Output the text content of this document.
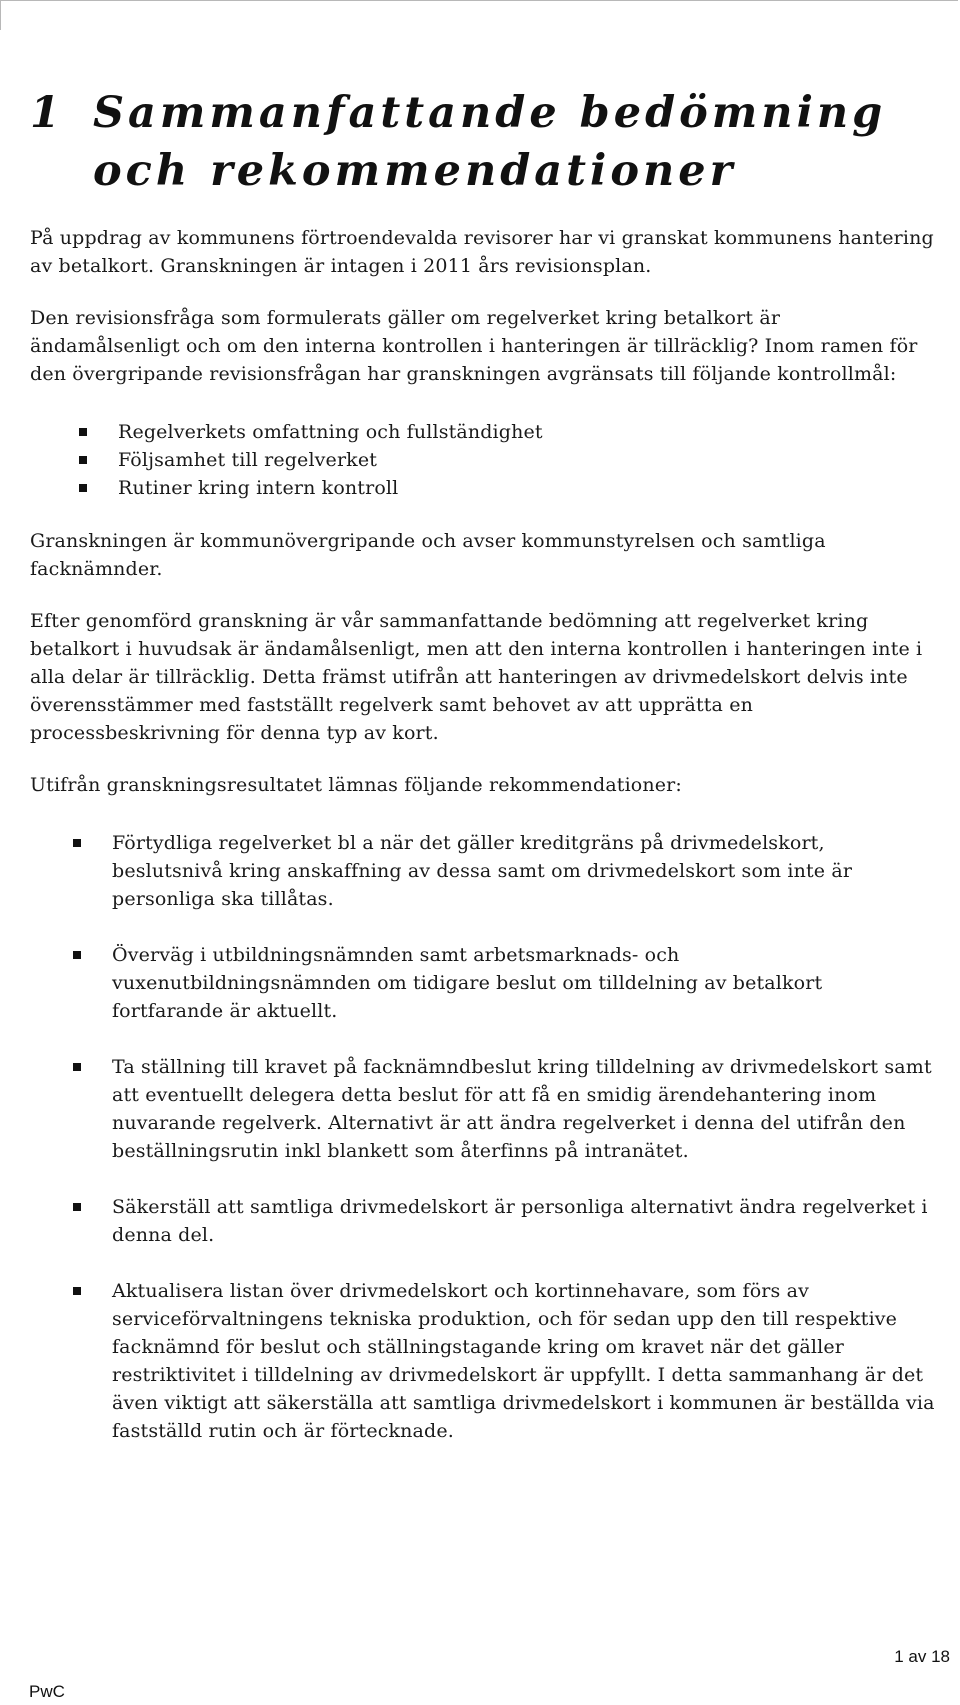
1 Sammanfattande bedömning och rekommendationer

På uppdrag av kommunens förtroendevalda revisorer har vi granskat kommunens hantering av betalkort. Granskningen är intagen i 2011 års revisionsplan.

Den revisionsfråga som formulerats gäller om regelverket kring betalkort är ändamålsenligt och om den interna kontrollen i hanteringen är tillräcklig? Inom ramen för den övergripande revisionsfrågan har granskningen avgränsats till följande kontrollmål:

Regelverkets omfattning och fullständighet
Följsamhet till regelverket
Rutiner kring intern kontroll

Granskningen är kommunövergripande och avser kommunstyrelsen och samtliga facknämnder.

Efter genomförd granskning är vår sammanfattande bedömning att regelverket kring betalkort i huvudsak är ändamålsenligt, men att den interna kontrollen i hanteringen inte i alla delar är tillräcklig. Detta främst utifrån att hanteringen av drivmedelskort delvis inte överensstämmer med fastställt regelverk samt behovet av att upprätta en processbeskrivning för denna typ av kort.

Utifrån granskningsresultatet lämnas följande rekommendationer:

Förtydliga regelverket bl a när det gäller kreditgräns på drivmedelskort, beslutsnivå kring anskaffning av dessa samt om drivmedelskort som inte är personliga ska tillåtas.
Överväg i utbildningsnämnden samt arbetsmarknads- och vuxenutbildningsnämnden om tidigare beslut om tilldelning av betalkort fortfarande är aktuellt.
Ta ställning till kravet på facknämndbeslut kring tilldelning av drivmedelskort samt att eventuellt delegera detta beslut för att få en smidig ärendehantering inom nuvarande regelverk. Alternativt är att ändra regelverket i denna del utifrån den beställningsrutin inkl blankett som återfinns på intranätet.
Säkerställ att samtliga drivmedelskort är personliga alternativt ändra regelverket i denna del.
Aktualisera listan över drivmedelskort och kortinnehavare, som förs av serviceförvaltningens tekniska produktion, och för sedan upp den till respektive facknämnd för beslut och ställningstagande kring om kravet när det gäller restriktivitet i tilldelning av drivmedelskort är uppfyllt. I detta sammanhang är det även viktigt att säkerställa att samtliga drivmedelskort i kommunen är beställda via fastställd rutin och är förtecknade.
1 av 18
PwC
